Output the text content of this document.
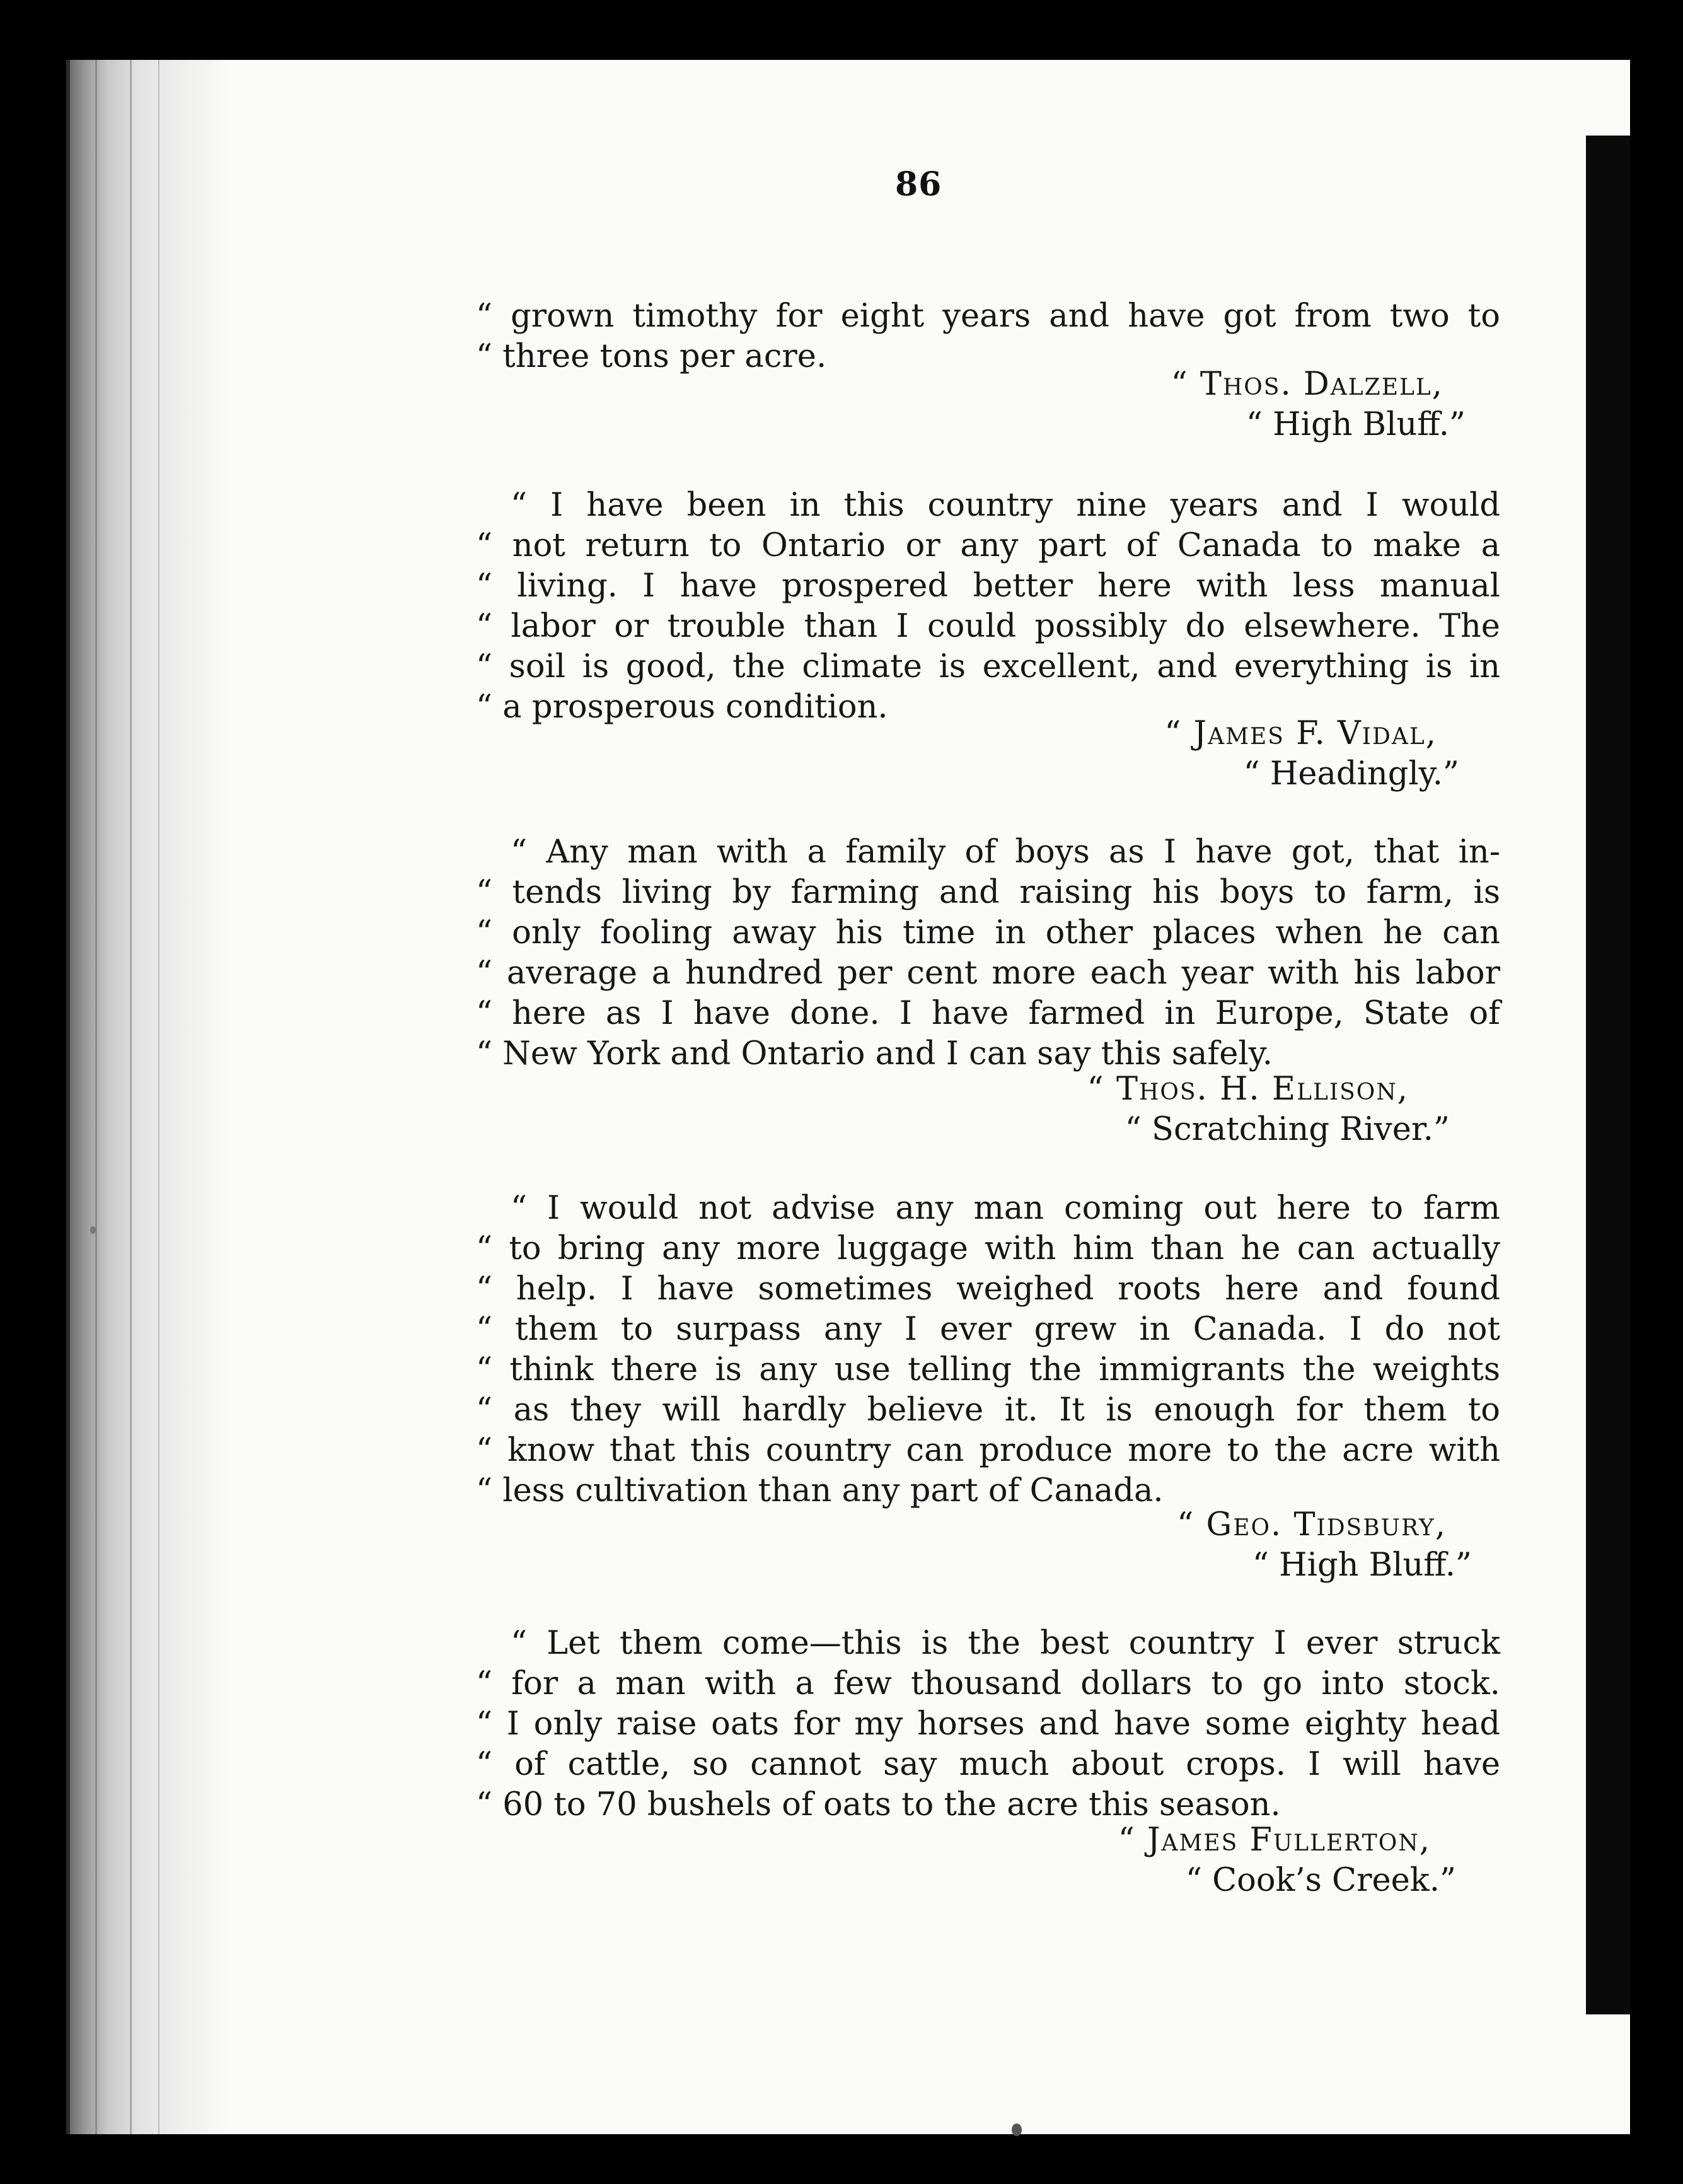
86
“ grown timothy for eight years and have got from two to
“ three tons per acre.
“ Thos. Dalzell,
“ High Bluff.”
“ I have been in this country nine years and I would
“ not return to Ontario or any part of Canada to make a
“ living. I have prospered better here with less manual
“ labor or trouble than I could possibly do elsewhere. The
“ soil is good, the climate is excellent, and everything is in
“ a prosperous condition.
“ James F. Vidal,
“ Headingly.”
“ Any man with a family of boys as I have got, that in-
“ tends living by farming and raising his boys to farm, is
“ only fooling away his time in other places when he can
“ average a hundred per cent more each year with his labor
“ here as I have done. I have farmed in Europe, State of
“ New York and Ontario and I can say this safely.
“ Thos. H. Ellison,
“ Scratching River.”
“ I would not advise any man coming out here to farm
“ to bring any more luggage with him than he can actually
“ help. I have sometimes weighed roots here and found
“ them to surpass any I ever grew in Canada. I do not
“ think there is any use telling the immigrants the weights
“ as they will hardly believe it. It is enough for them to
“ know that this country can produce more to the acre with
“ less cultivation than any part of Canada.
“ Geo. Tidsbury,
“ High Bluff.”
“ Let them come—this is the best country I ever struck
“ for a man with a few thousand dollars to go into stock.
“ I only raise oats for my horses and have some eighty head
“ of cattle, so cannot say much about crops. I will have
“ 60 to 70 bushels of oats to the acre this season.
“ James Fullerton,
“ Cook’s Creek.”
